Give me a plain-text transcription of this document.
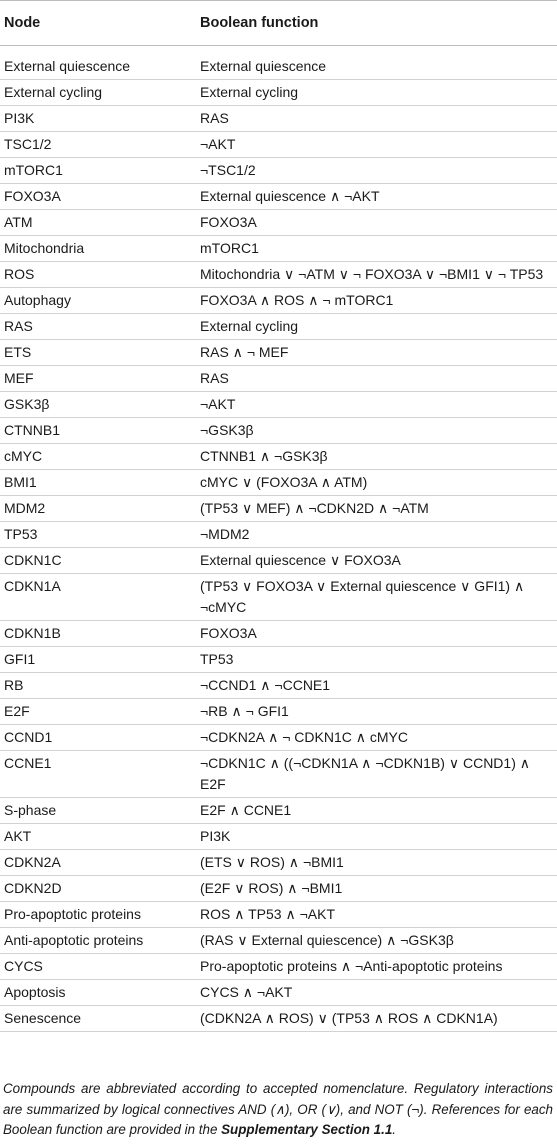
Node	Boolean function
External quiescence	External quiescence
External cycling	External cycling
PI3K	RAS
TSC1/2	¬AKT
mTORC1	¬TSC1/2
FOXO3A	External quiescence ∧ ¬AKT
ATM	FOXO3A
Mitochondria	mTORC1
ROS	Mitochondria ∨ ¬ATM ∨ ¬ FOXO3A ∨ ¬BMI1 ∨ ¬ TP53
Autophagy	FOXO3A ∧ ROS ∧ ¬ mTORC1
RAS	External cycling
ETS	RAS ∧ ¬ MEF
MEF	RAS
GSK3β	¬AKT
CTNNB1	¬GSK3β
cMYC	CTNNB1 ∧ ¬GSK3β
BMI1	cMYC ∨ (FOXO3A ∧ ATM)
MDM2	(TP53 ∨ MEF) ∧ ¬CDKN2D ∧ ¬ATM
TP53	¬MDM2
CDKN1C	External quiescence ∨ FOXO3A
CDKN1A	(TP53 ∨ FOXO3A ∨ External quiescence ∨ GFI1) ∧ ¬cMYC
CDKN1B	FOXO3A
GFI1	TP53
RB	¬CCND1 ∧ ¬CCNE1
E2F	¬RB ∧ ¬ GFI1
CCND1	¬CDKN2A ∧ ¬ CDKN1C ∧ cMYC
CCNE1	¬CDKN1C ∧ ((¬CDKN1A ∧ ¬CDKN1B) ∨ CCND1) ∧ E2F
S-phase	E2F ∧ CCNE1
AKT	PI3K
CDKN2A	(ETS ∨ ROS) ∧ ¬BMI1
CDKN2D	(E2F ∨ ROS) ∧ ¬BMI1
Pro-apoptotic proteins	ROS ∧ TP53 ∧ ¬AKT
Anti-apoptotic proteins	(RAS ∨ External quiescence) ∧ ¬GSK3β
CYCS	Pro-apoptotic proteins ∧ ¬Anti-apoptotic proteins
Apoptosis	CYCS ∧ ¬AKT
Senescence	(CDKN2A ∧ ROS) ∨ (TP53 ∧ ROS ∧ CDKN1A)

Compounds are abbreviated according to accepted nomenclature. Regulatory interactions are summarized by logical connectives AND (∧), OR (∨), and NOT (¬). References for each Boolean function are provided in the Supplementary Section 1.1.
